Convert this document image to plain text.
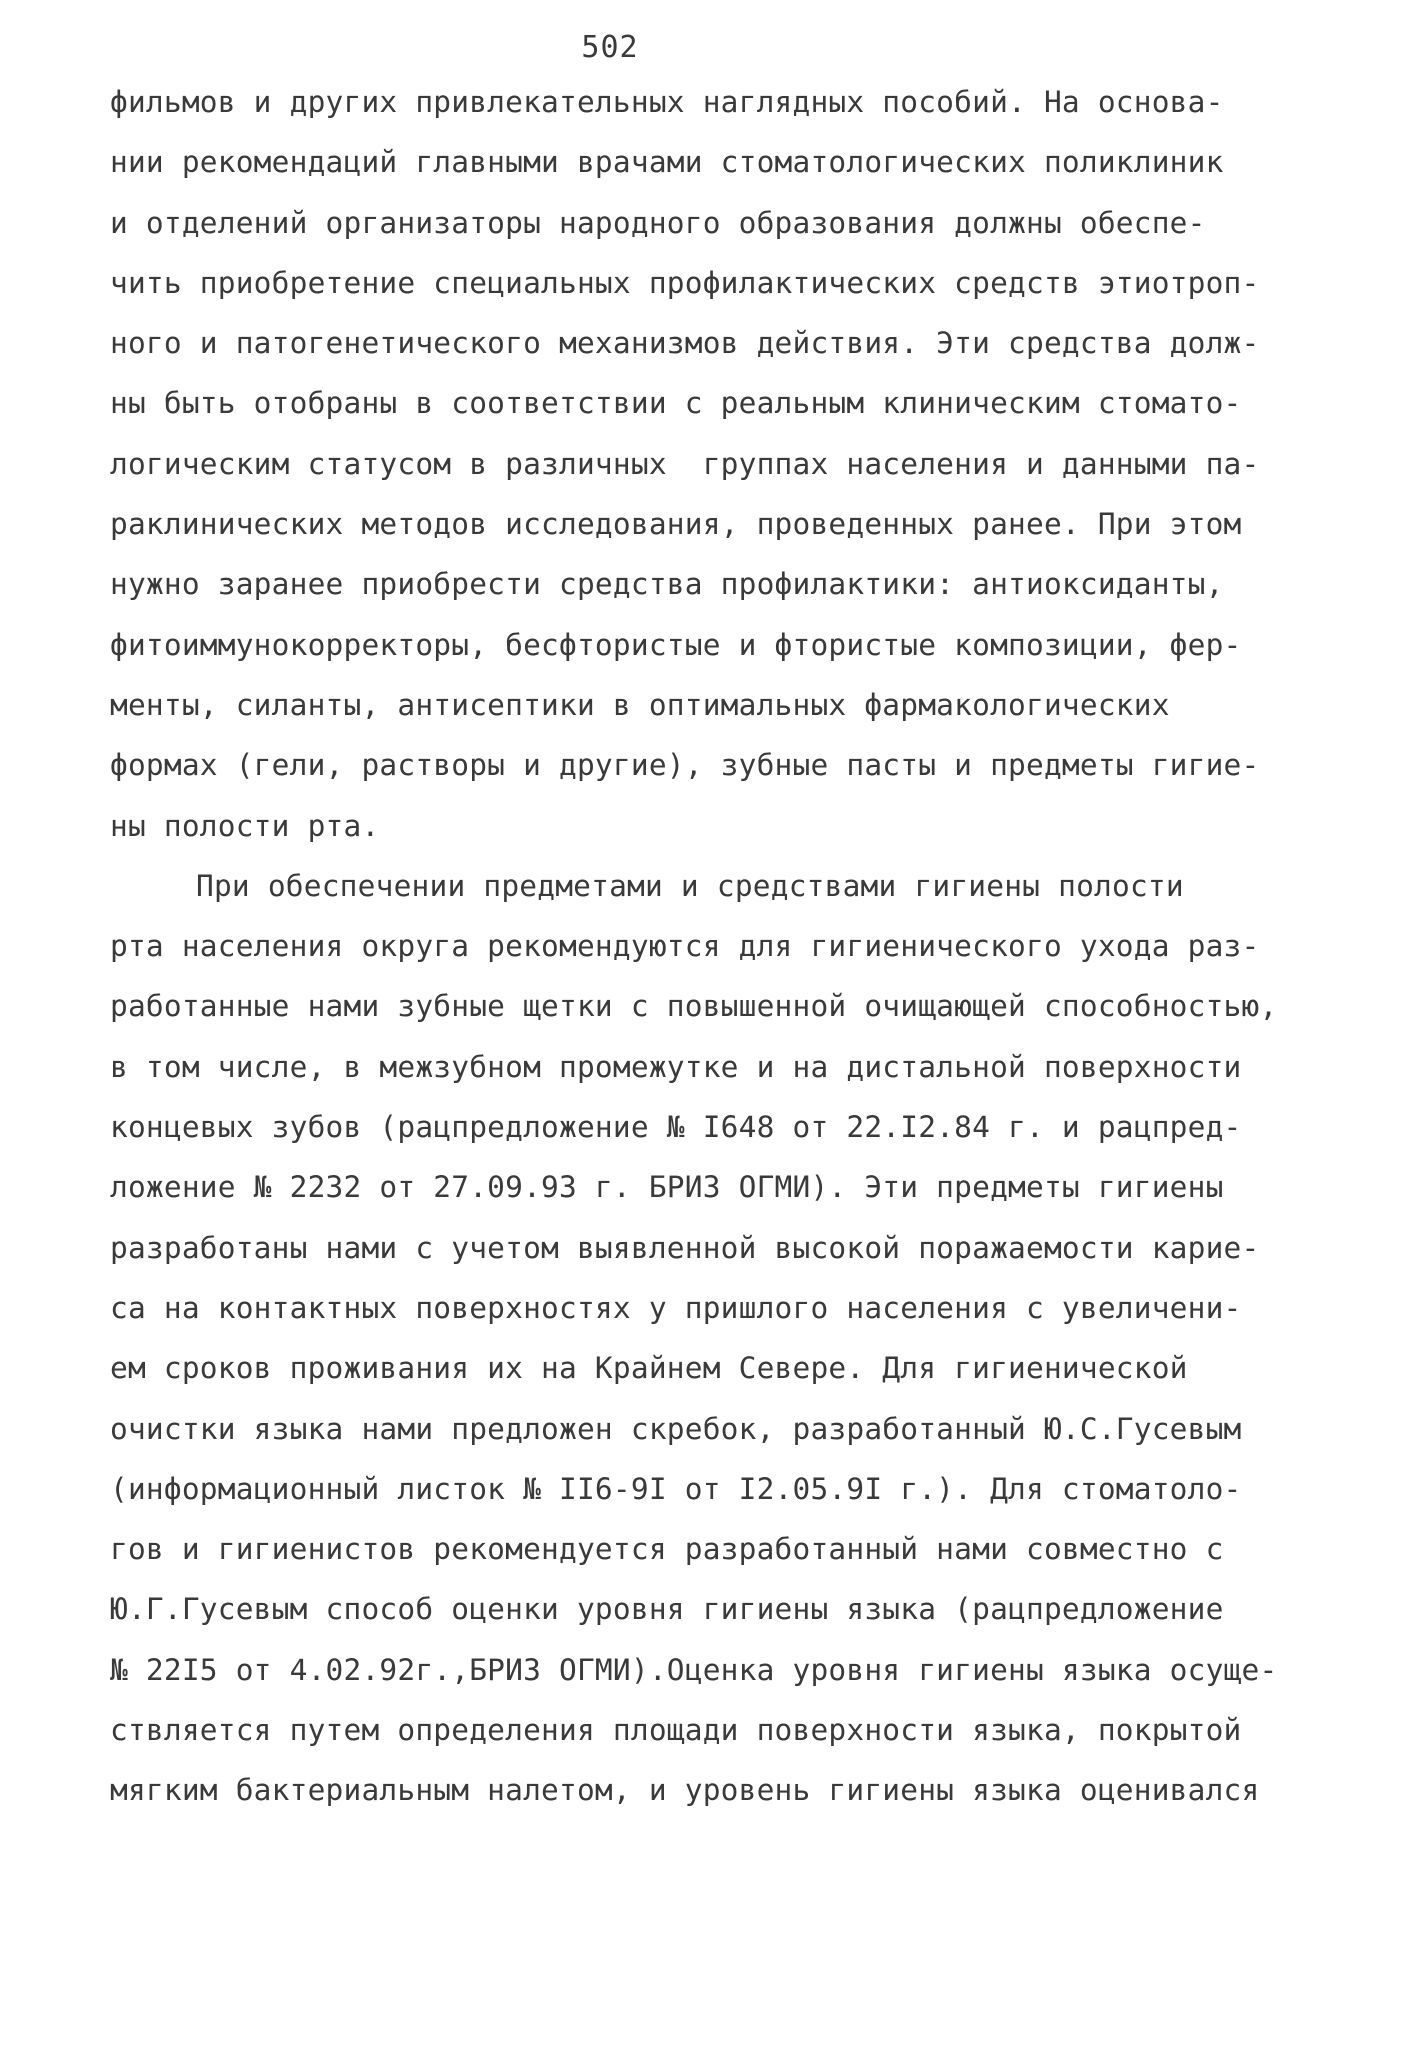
502
фильмов и других привлекательных наглядных пособий. На основа-
нии рекомендаций главными врачами стоматологических поликлиник
и отделений организаторы народного образования должны обеспе-
чить приобретение специальных профилактических средств этиотроп-
ного и патогенетического механизмов действия. Эти средства долж-
ны быть отобраны в соответствии с реальным клиническим стомато-
логическим статусом в различных  группах населения и данными па-
раклинических методов исследования, проведенных ранее. При этом
нужно заранее приобрести средства профилактики: антиоксиданты,
фитоиммунокорректоры, бесфтористые и фтористые композиции, фер-
менты, силанты, антисептики в оптимальных фармакологических
формах (гели, растворы и другие), зубные пасты и предметы гигие-
ны полости рта.
При обеспечении предметами и средствами гигиены полости
рта населения округа рекомендуются для гигиенического ухода раз-
работанные нами зубные щетки с повышенной очищающей способностью,
в том числе, в межзубном промежутке и на дистальной поверхности
концевых зубов (рацпредложение № I648 от 22.I2.84 г. и рацпред-
ложение № 2232 от 27.09.93 г. БРИЗ ОГМИ). Эти предметы гигиены
разработаны нами с учетом выявленной высокой поражаемости карие-
са на контактных поверхностях у пришлого населения с увеличени-
ем сроков проживания их на Крайнем Севере. Для гигиенической
очистки языка нами предложен скребок, разработанный Ю.С.Гусевым
(информационный листок № II6-9I от I2.05.9I г.). Для стоматоло-
гов и гигиенистов рекомендуется разработанный нами совместно с
Ю.Г.Гусевым способ оценки уровня гигиены языка (рацпредложение
№ 22I5 от 4.02.92г.,БРИЗ ОГМИ).Оценка уровня гигиены языка осуще-
ствляется путем определения площади поверхности языка, покрытой
мягким бактериальным налетом, и уровень гигиены языка оценивался
